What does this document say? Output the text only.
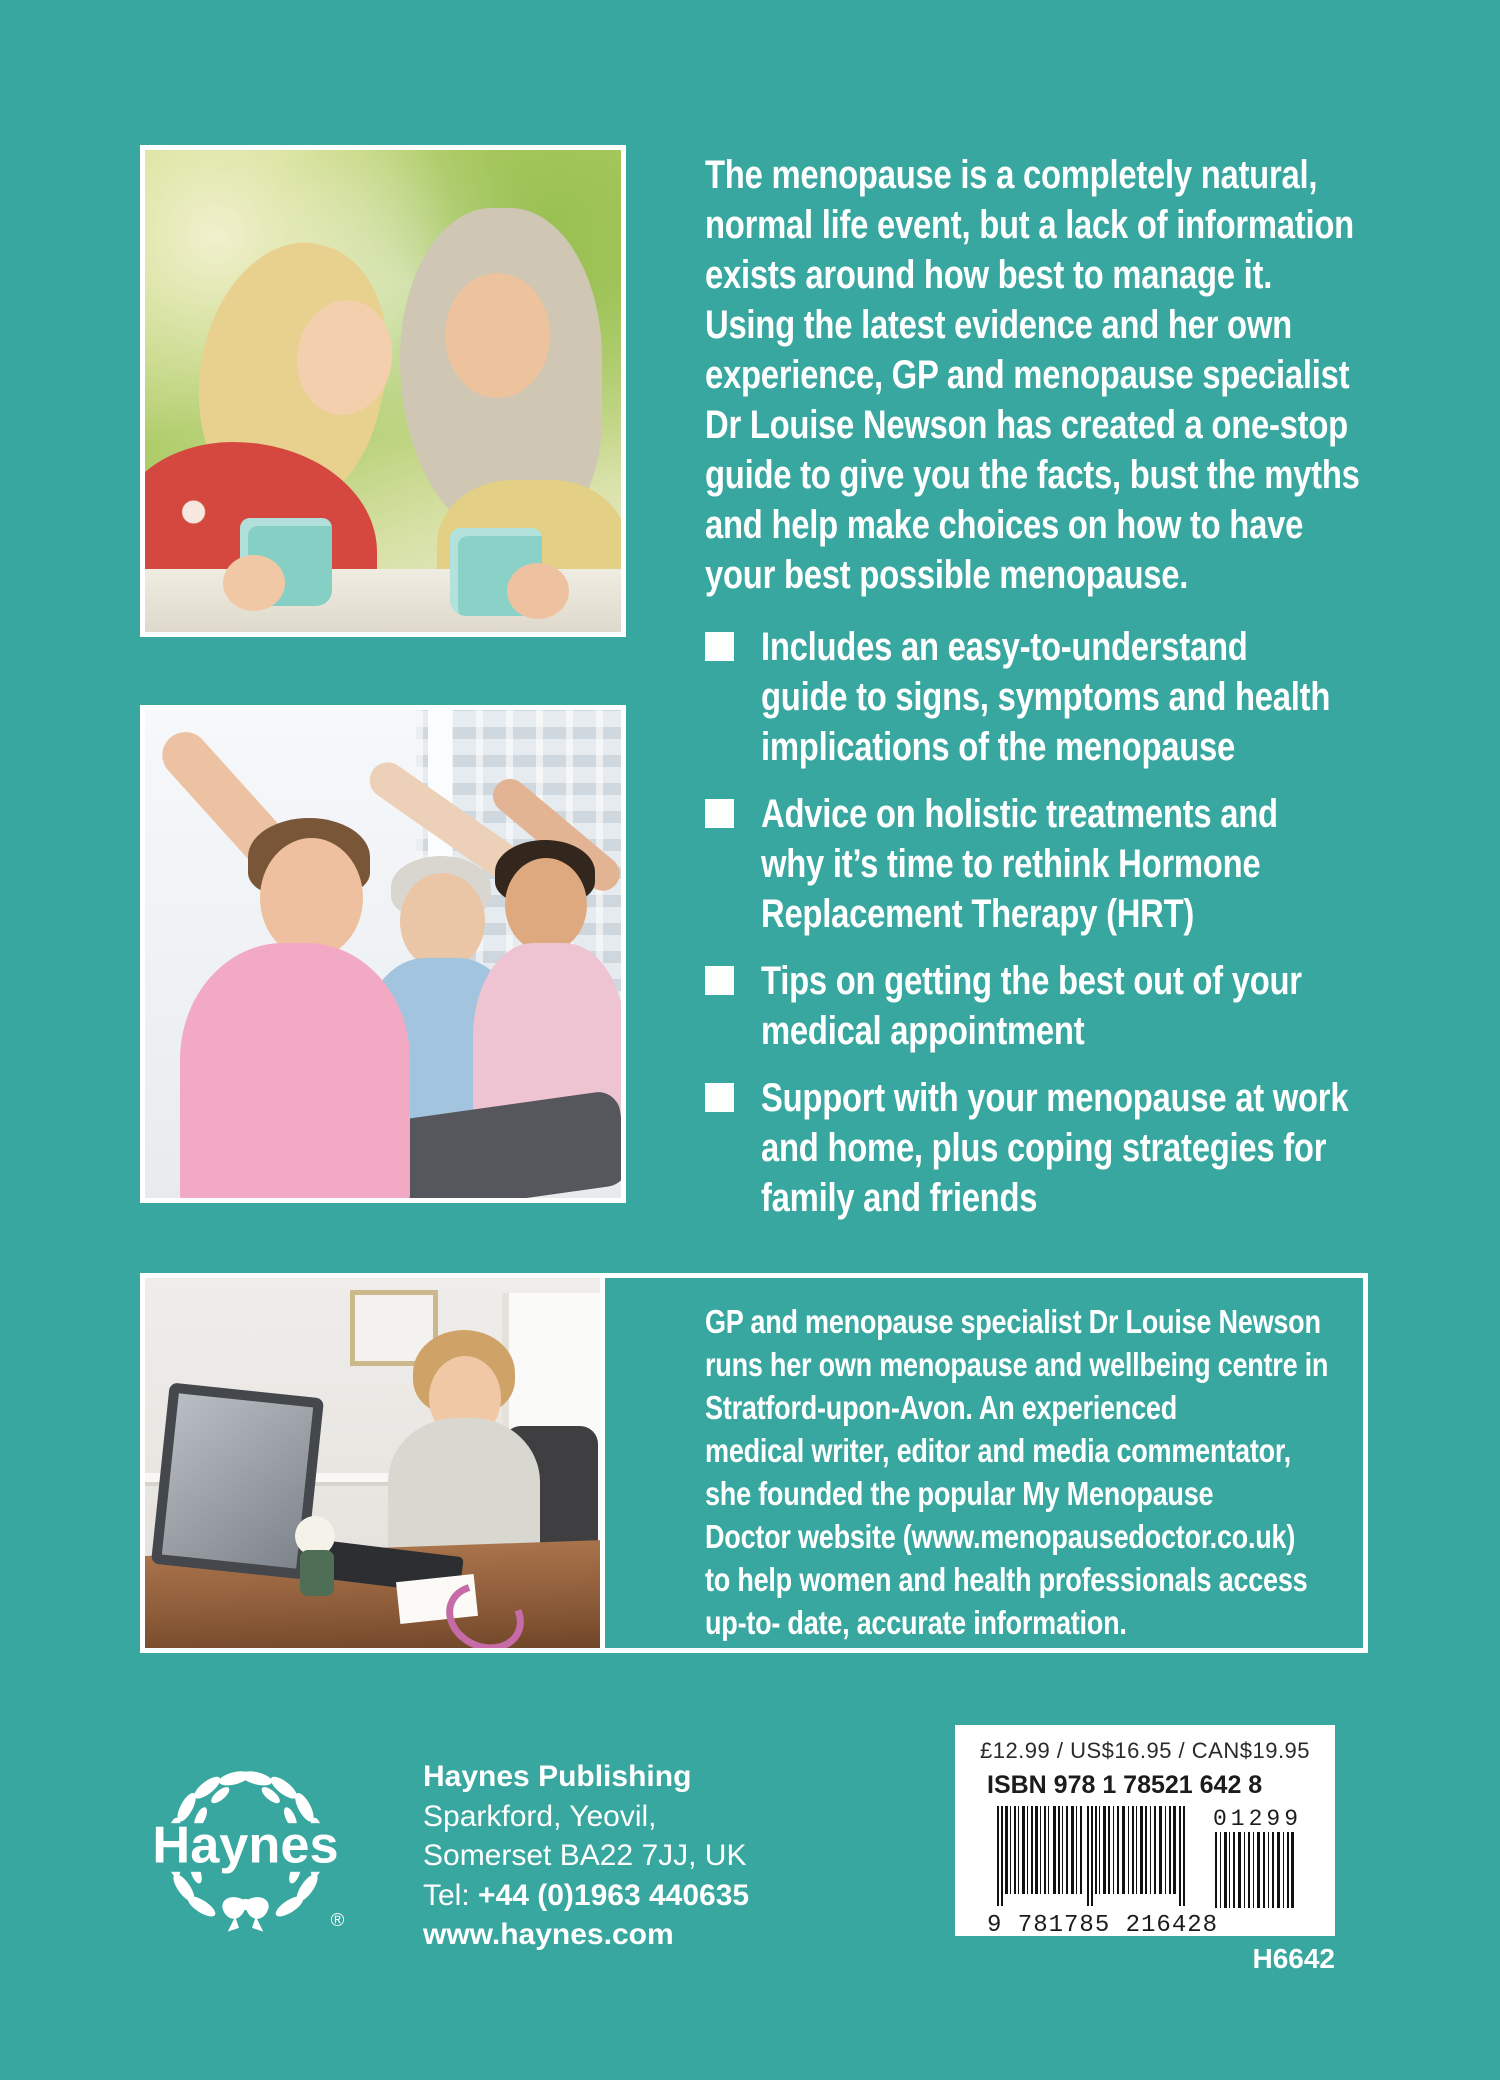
The menopause is a completely natural,
normal life event, but a lack of information
exists around how best to manage it.
Using the latest evidence and her own
experience, GP and menopause specialist
Dr Louise Newson has created a one-stop
guide to give you the facts, bust the myths
and help make choices on how to have
your best possible menopause.
Includes an easy-to-understand
guide to signs, symptoms and health
implications of the menopause
Advice on holistic treatments and
why it’s time to rethink Hormone
Replacement Therapy (HRT)
Tips on getting the best out of your
medical appointment
Support with your menopause at work
and home, plus coping strategies for
family and friends
GP and menopause specialist Dr Louise Newson
runs her own menopause and wellbeing centre in
Stratford-upon-Avon. An experienced
medical writer, editor and media commentator,
she founded the popular My Menopause
Doctor website (www.menopausedoctor.co.uk)
to help women and health professionals access
up-to- date, accurate information.
Haynes
®
Haynes Publishing
Sparkford, Yeovil,
Somerset BA22 7JJ, UK
Tel: +44 (0)1963 440635
www.haynes.com
£12.99 / US$16.95 / CAN$19.95
ISBN 978 1 78521 642 8
9 781785 216428
01299
H6642
